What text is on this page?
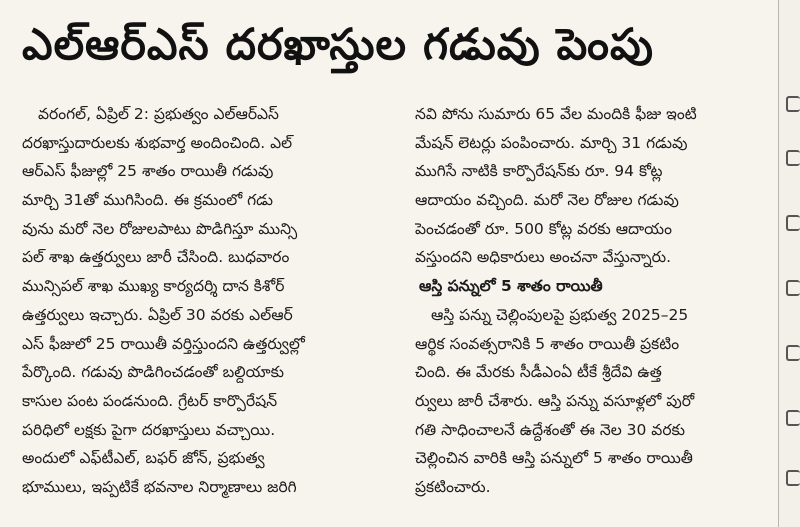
ఎల్‌ఆర్‌ఎస్‌ దరఖాస్తుల గడువు పెంపు
వరంగల్‌, ఏప్రిల్‌ 2: ప్రభుత్వం ఎల్‌ఆర్‌ఎస్‌
దరఖాస్తుదారులకు శుభవార్త అందించింది. ఎల్‌
ఆర్‌ఎస్‌ ఫీజుల్లో 25 శాతం రాయితీ గడువు
మార్చి 31తో ముగిసింది. ఈ క్రమంలో గడు
వును మరో నెల రోజులపాటు పొడిగిస్తూ మున్సి
పల్‌ శాఖ ఉత్తర్వులు జారీ చేసింది. బుధవారం
మున్సిపల్‌ శాఖ ముఖ్య కార్యదర్శి దాన కిశోర్‌
ఉత్తర్వులు ఇచ్చారు. ఏప్రిల్‌ 30 వరకు ఎల్‌ఆర్‌
ఎస్‌ ఫీజులో 25 రాయితీ వర్తిస్తుందని ఉత్తర్వుల్లో
పేర్కొంది. గడువు పొడిగించడంతో బల్దియాకు
కాసుల పంట పండనుంది. గ్రేటర్‌ కార్పొరేషన్‌
పరిధిలో లక్షకు పైగా దరఖాస్తులు వచ్చాయి.
అందులో ఎఫ్‌టీఎల్‌, బఫర్‌ జోన్‌, ప్రభుత్వ
భూములు, ఇప్పటికే భవనాల నిర్మాణాలు జరిగి
నవి పోను సుమారు 65 వేల మందికి ఫీజు ఇంటి
మేషన్‌ లెటర్లు పంపించారు. మార్చి 31 గడువు
ముగిసే నాటికి కార్పొరేషన్‌కు రూ. 94 కోట్ల
ఆదాయం వచ్చింది. మరో నెల రోజుల గడువు
పెంచడంతో రూ. 500 కోట్ల వరకు ఆదాయం
వస్తుందని అధికారులు అంచనా వేస్తున్నారు.
ఆస్తి పన్నులో 5 శాతం రాయితీ
ఆస్తి పన్ను చెల్లింపులపై ప్రభుత్వ 2025–25
ఆర్థిక సంవత్సరానికి 5 శాతం రాయితీ ప్రకటిం
చింది. ఈ మేరకు సీడీఎంఏ టీకే శ్రీదేవి ఉత్త
ర్వులు జారీ చేశారు. ఆస్తి పన్ను వసూళ్లలో పురో
గతి సాధించాలనే ఉద్దేశంతో ఈ నెల 30 వరకు
చెల్లించిన వారికి ఆస్తి పన్నులో 5 శాతం రాయితీ
ప్రకటించారు.
